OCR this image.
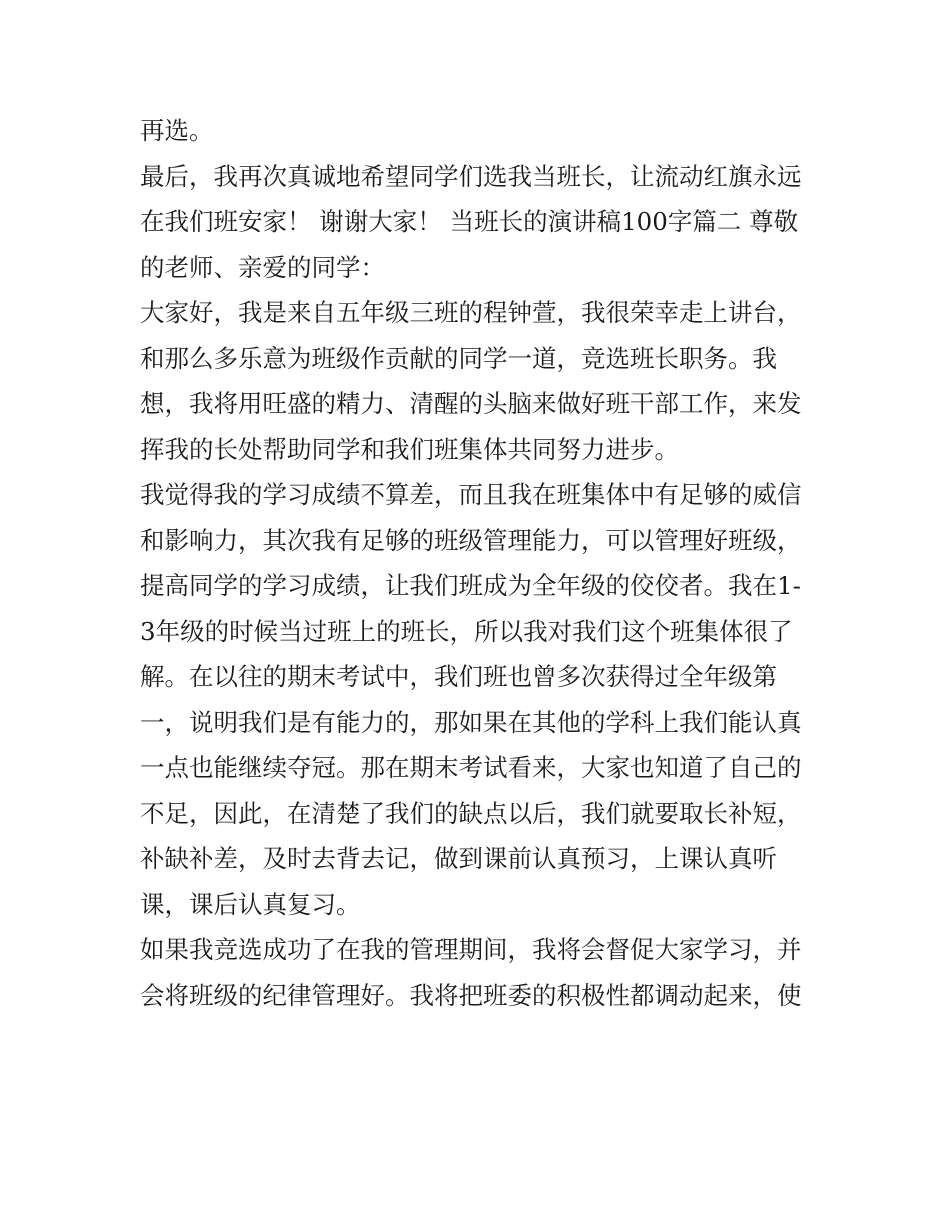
再选。
最后，我再次真诚地希望同学们选我当班长，让流动红旗永远
在我们班安家！ 谢谢大家！ 当班长的演讲稿100字篇二 尊敬
的老师、亲爱的同学：
大家好，我是来自五年级三班的程钟萱，我很荣幸走上讲台，
和那么多乐意为班级作贡献的同学一道，竞选班长职务。我
想，我将用旺盛的精力、清醒的头脑来做好班干部工作，来发
挥我的长处帮助同学和我们班集体共同努力进步。
我觉得我的学习成绩不算差，而且我在班集体中有足够的威信
和影响力，其次我有足够的班级管理能力，可以管理好班级，
提高同学的学习成绩，让我们班成为全年级的佼佼者。我在1-
3年级的时候当过班上的班长，所以我对我们这个班集体很了
解。在以往的期末考试中，我们班也曾多次获得过全年级第
一，说明我们是有能力的，那如果在其他的学科上我们能认真
一点也能继续夺冠。那在期末考试看来，大家也知道了自己的
不足，因此，在清楚了我们的缺点以后，我们就要取长补短，
补缺补差，及时去背去记，做到课前认真预习，上课认真听
课，课后认真复习。
如果我竞选成功了在我的管理期间，我将会督促大家学习，并
会将班级的纪律管理好。我将把班委的积极性都调动起来，使
